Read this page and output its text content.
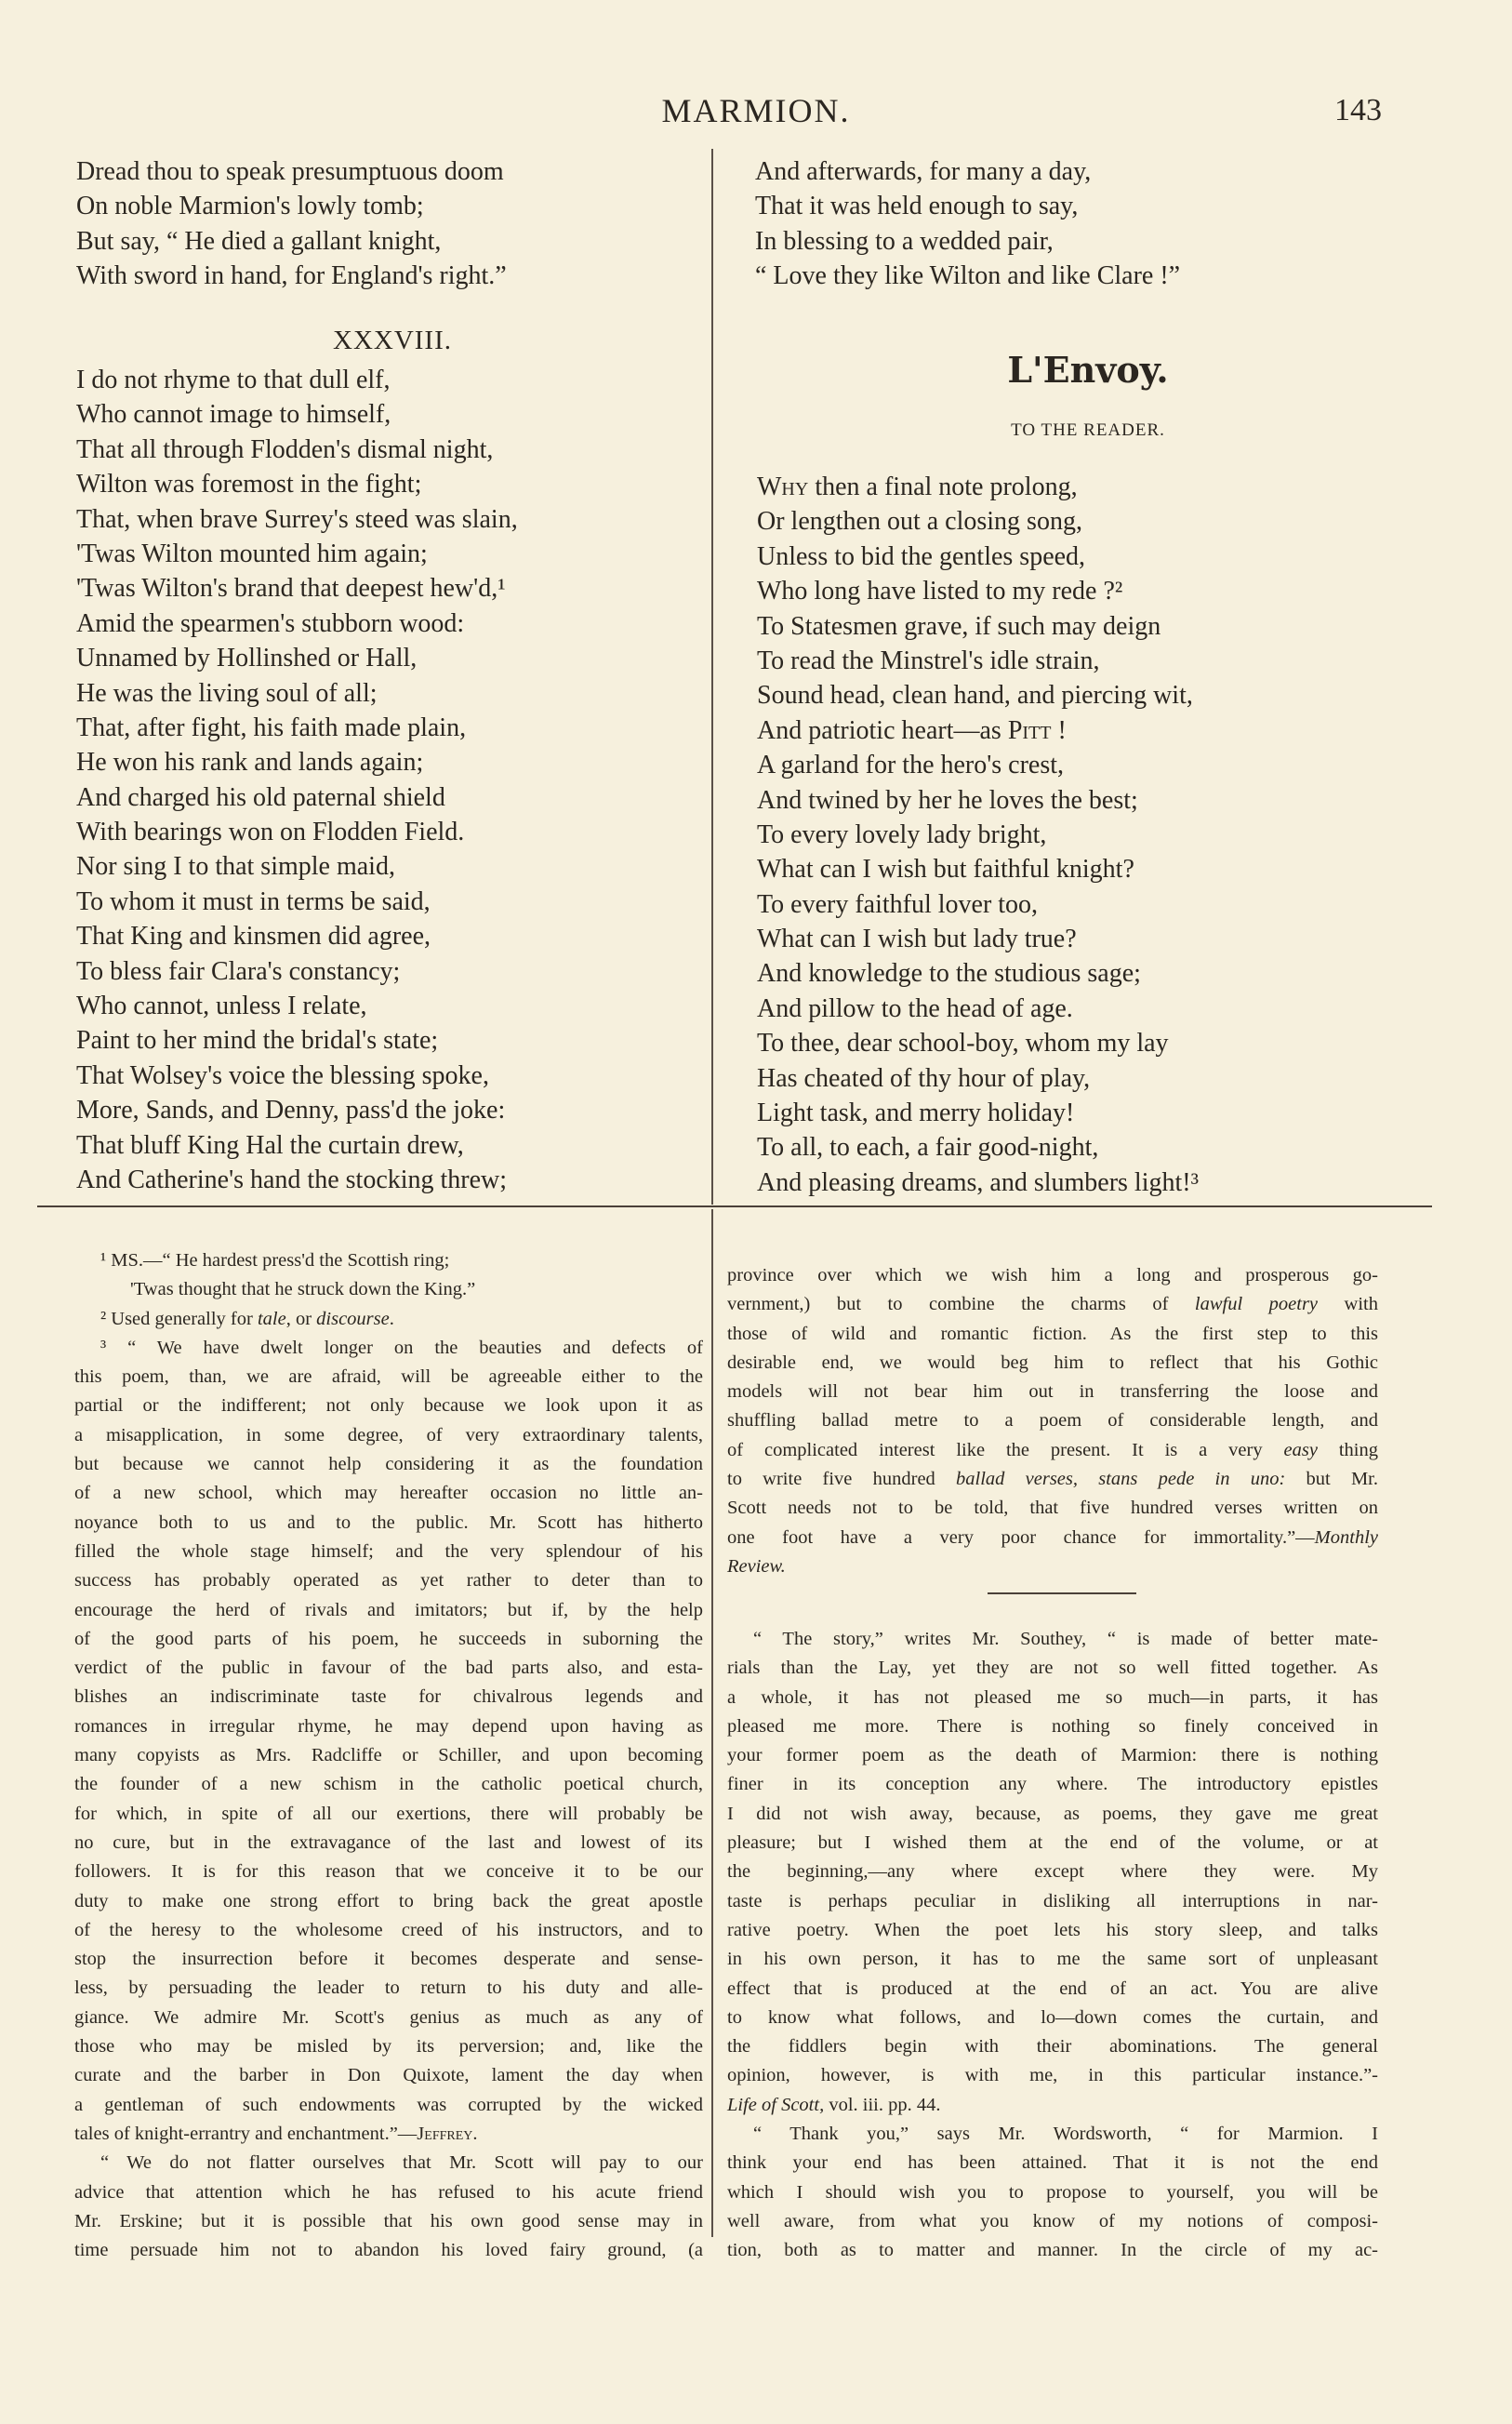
MARMION.	143
Dread thou to speak presumptuous doom
On noble Marmion's lowly tomb;
But say, “ He died a gallant knight,
With sword in hand, for England's right.”
XXXVIII.
I do not rhyme to that dull elf,
Who cannot image to himself,
That all through Flodden's dismal night,
Wilton was foremost in the fight;
That, when brave Surrey's steed was slain,
'Twas Wilton mounted him again;
'Twas Wilton's brand that deepest hew'd,¹
Amid the spearmen's stubborn wood:
Unnamed by Hollinshed or Hall,
He was the living soul of all;
That, after fight, his faith made plain,
He won his rank and lands again;
And charged his old paternal shield
With bearings won on Flodden Field.
Nor sing I to that simple maid,
To whom it must in terms be said,
That King and kinsmen did agree,
To bless fair Clara's constancy;
Who cannot, unless I relate,
Paint to her mind the bridal's state;
That Wolsey's voice the blessing spoke,
More, Sands, and Denny, pass'd the joke:
That bluff King Hal the curtain drew,
And Catherine's hand the stocking threw;
And afterwards, for many a day,
That it was held enough to say,
In blessing to a wedded pair,
“ Love they like Wilton and like Clare !”
L'Envoy.
TO THE READER.
Why then a final note prolong,
Or lengthen out a closing song,
Unless to bid the gentles speed,
Who long have listed to my rede ?²
To Statesmen grave, if such may deign
To read the Minstrel's idle strain,
Sound head, clean hand, and piercing wit,
And patriotic heart—as Pitt !
A garland for the hero's crest,
And twined by her he loves the best;
To every lovely lady bright,
What can I wish but faithful knight?
To every faithful lover too,
What can I wish but lady true?
And knowledge to the studious sage;
And pillow to the head of age.
To thee, dear school-boy, whom my lay
Has cheated of thy hour of play,
Light task, and merry holiday!
To all, to each, a fair good-night,
And pleasing dreams, and slumbers light!³
¹ MS.—“ He hardest press'd the Scottish ring;
'Twas thought that he struck down the King.”
² Used generally for tale, or discourse.
³ “ We have dwelt longer on the beauties and defects of
this poem, than, we are afraid, will be agreeable either to the
partial or the indifferent; not only because we look upon it as
a misapplication, in some degree, of very extraordinary talents,
but because we cannot help considering it as the foundation
of a new school, which may hereafter occasion no little an-
noyance both to us and to the public. Mr. Scott has hitherto
filled the whole stage himself; and the very splendour of his
success has probably operated as yet rather to deter than to
encourage the herd of rivals and imitators; but if, by the help
of the good parts of his poem, he succeeds in suborning the
verdict of the public in favour of the bad parts also, and esta-
blishes an indiscriminate taste for chivalrous legends and
romances in irregular rhyme, he may depend upon having as
many copyists as Mrs. Radcliffe or Schiller, and upon becoming
the founder of a new schism in the catholic poetical church,
for which, in spite of all our exertions, there will probably be
no cure, but in the extravagance of the last and lowest of its
followers. It is for this reason that we conceive it to be our
duty to make one strong effort to bring back the great apostle
of the heresy to the wholesome creed of his instructors, and to
stop the insurrection before it becomes desperate and sense-
less, by persuading the leader to return to his duty and alle-
giance. We admire Mr. Scott's genius as much as any of
those who may be misled by its perversion; and, like the
curate and the barber in Don Quixote, lament the day when
a gentleman of such endowments was corrupted by the wicked
tales of knight-errantry and enchantment.”—Jeffrey.
“ We do not flatter ourselves that Mr. Scott will pay to our
advice that attention which he has refused to his acute friend
Mr. Erskine; but it is possible that his own good sense may in
time persuade him not to abandon his loved fairy ground, (a
province over which we wish him a long and prosperous go-
vernment,) but to combine the charms of lawful poetry with
those of wild and romantic fiction. As the first step to this
desirable end, we would beg him to reflect that his Gothic
models will not bear him out in transferring the loose and
shuffling ballad metre to a poem of considerable length, and
of complicated interest like the present. It is a very easy thing
to write five hundred ballad verses, stans pede in uno: but Mr.
Scott needs not to be told, that five hundred verses written on
one foot have a very poor chance for immortality.”—Monthly
Review.
“ The story,” writes Mr. Southey, “ is made of better mate-
rials than the Lay, yet they are not so well fitted together. As
a whole, it has not pleased me so much—in parts, it has
pleased me more. There is nothing so finely conceived in
your former poem as the death of Marmion: there is nothing
finer in its conception any where. The introductory epistles
I did not wish away, because, as poems, they gave me great
pleasure; but I wished them at the end of the volume, or at
the beginning,—any where except where they were. My
taste is perhaps peculiar in disliking all interruptions in nar-
rative poetry. When the poet lets his story sleep, and talks
in his own person, it has to me the same sort of unpleasant
effect that is produced at the end of an act. You are alive
to know what follows, and lo—down comes the curtain, and
the fiddlers begin with their abominations. The general
opinion, however, is with me, in this particular instance.”-
Life of Scott, vol. iii. pp. 44.
“ Thank you,” says Mr. Wordsworth, “ for Marmion. I
think your end has been attained. That it is not the end
which I should wish you to propose to yourself, you will be
well aware, from what you know of my notions of composi-
tion, both as to matter and manner. In the circle of my ac-
